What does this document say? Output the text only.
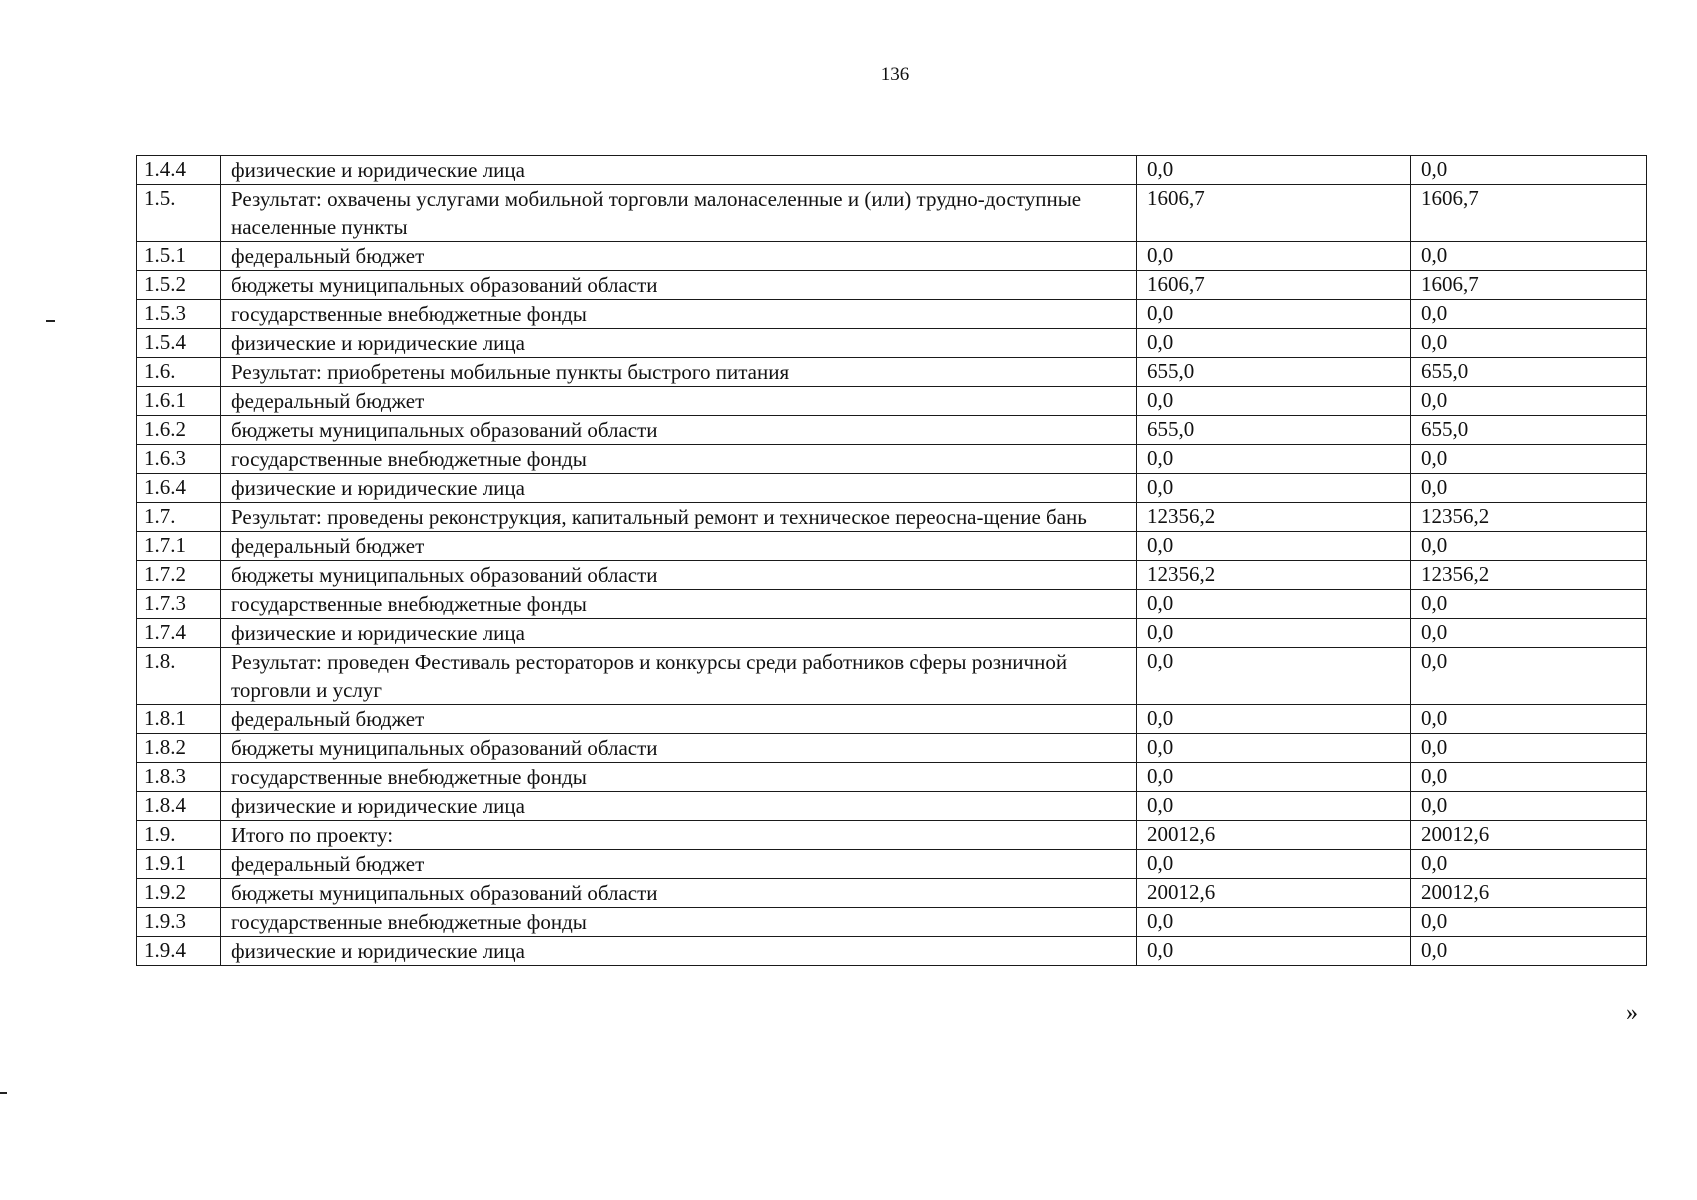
136
1.4.4	физические и юридические лица	0,0	0,0
1.5.	Результат: охвачены услугами мобильной торговли малонаселенные и (или) трудно-доступные населенные пункты	1606,7	1606,7
1.5.1	федеральный бюджет	0,0	0,0
1.5.2	бюджеты муниципальных образований области	1606,7	1606,7
1.5.3	государственные внебюджетные фонды	0,0	0,0
1.5.4	физические и юридические лица	0,0	0,0
1.6.	Результат: приобретены мобильные пункты быстрого питания	655,0	655,0
1.6.1	федеральный бюджет	0,0	0,0
1.6.2	бюджеты муниципальных образований области	655,0	655,0
1.6.3	государственные внебюджетные фонды	0,0	0,0
1.6.4	физические и юридические лица	0,0	0,0
1.7.	Результат: проведены реконструкция, капитальный ремонт и техническое переосна-щение бань	12356,2	12356,2
1.7.1	федеральный бюджет	0,0	0,0
1.7.2	бюджеты муниципальных образований области	12356,2	12356,2
1.7.3	государственные внебюджетные фонды	0,0	0,0
1.7.4	физические и юридические лица	0,0	0,0
1.8.	Результат: проведен Фестиваль рестораторов и конкурсы среди работников сферы розничной торговли и услуг	0,0	0,0
1.8.1	федеральный бюджет	0,0	0,0
1.8.2	бюджеты муниципальных образований области	0,0	0,0
1.8.3	государственные внебюджетные фонды	0,0	0,0
1.8.4	физические и юридические лица	0,0	0,0
1.9.	Итого по проекту:	20012,6	20012,6
1.9.1	федеральный бюджет	0,0	0,0
1.9.2	бюджеты муниципальных образований области	20012,6	20012,6
1.9.3	государственные внебюджетные фонды	0,0	0,0
1.9.4	физические и юридические лица	0,0	0,0
»
